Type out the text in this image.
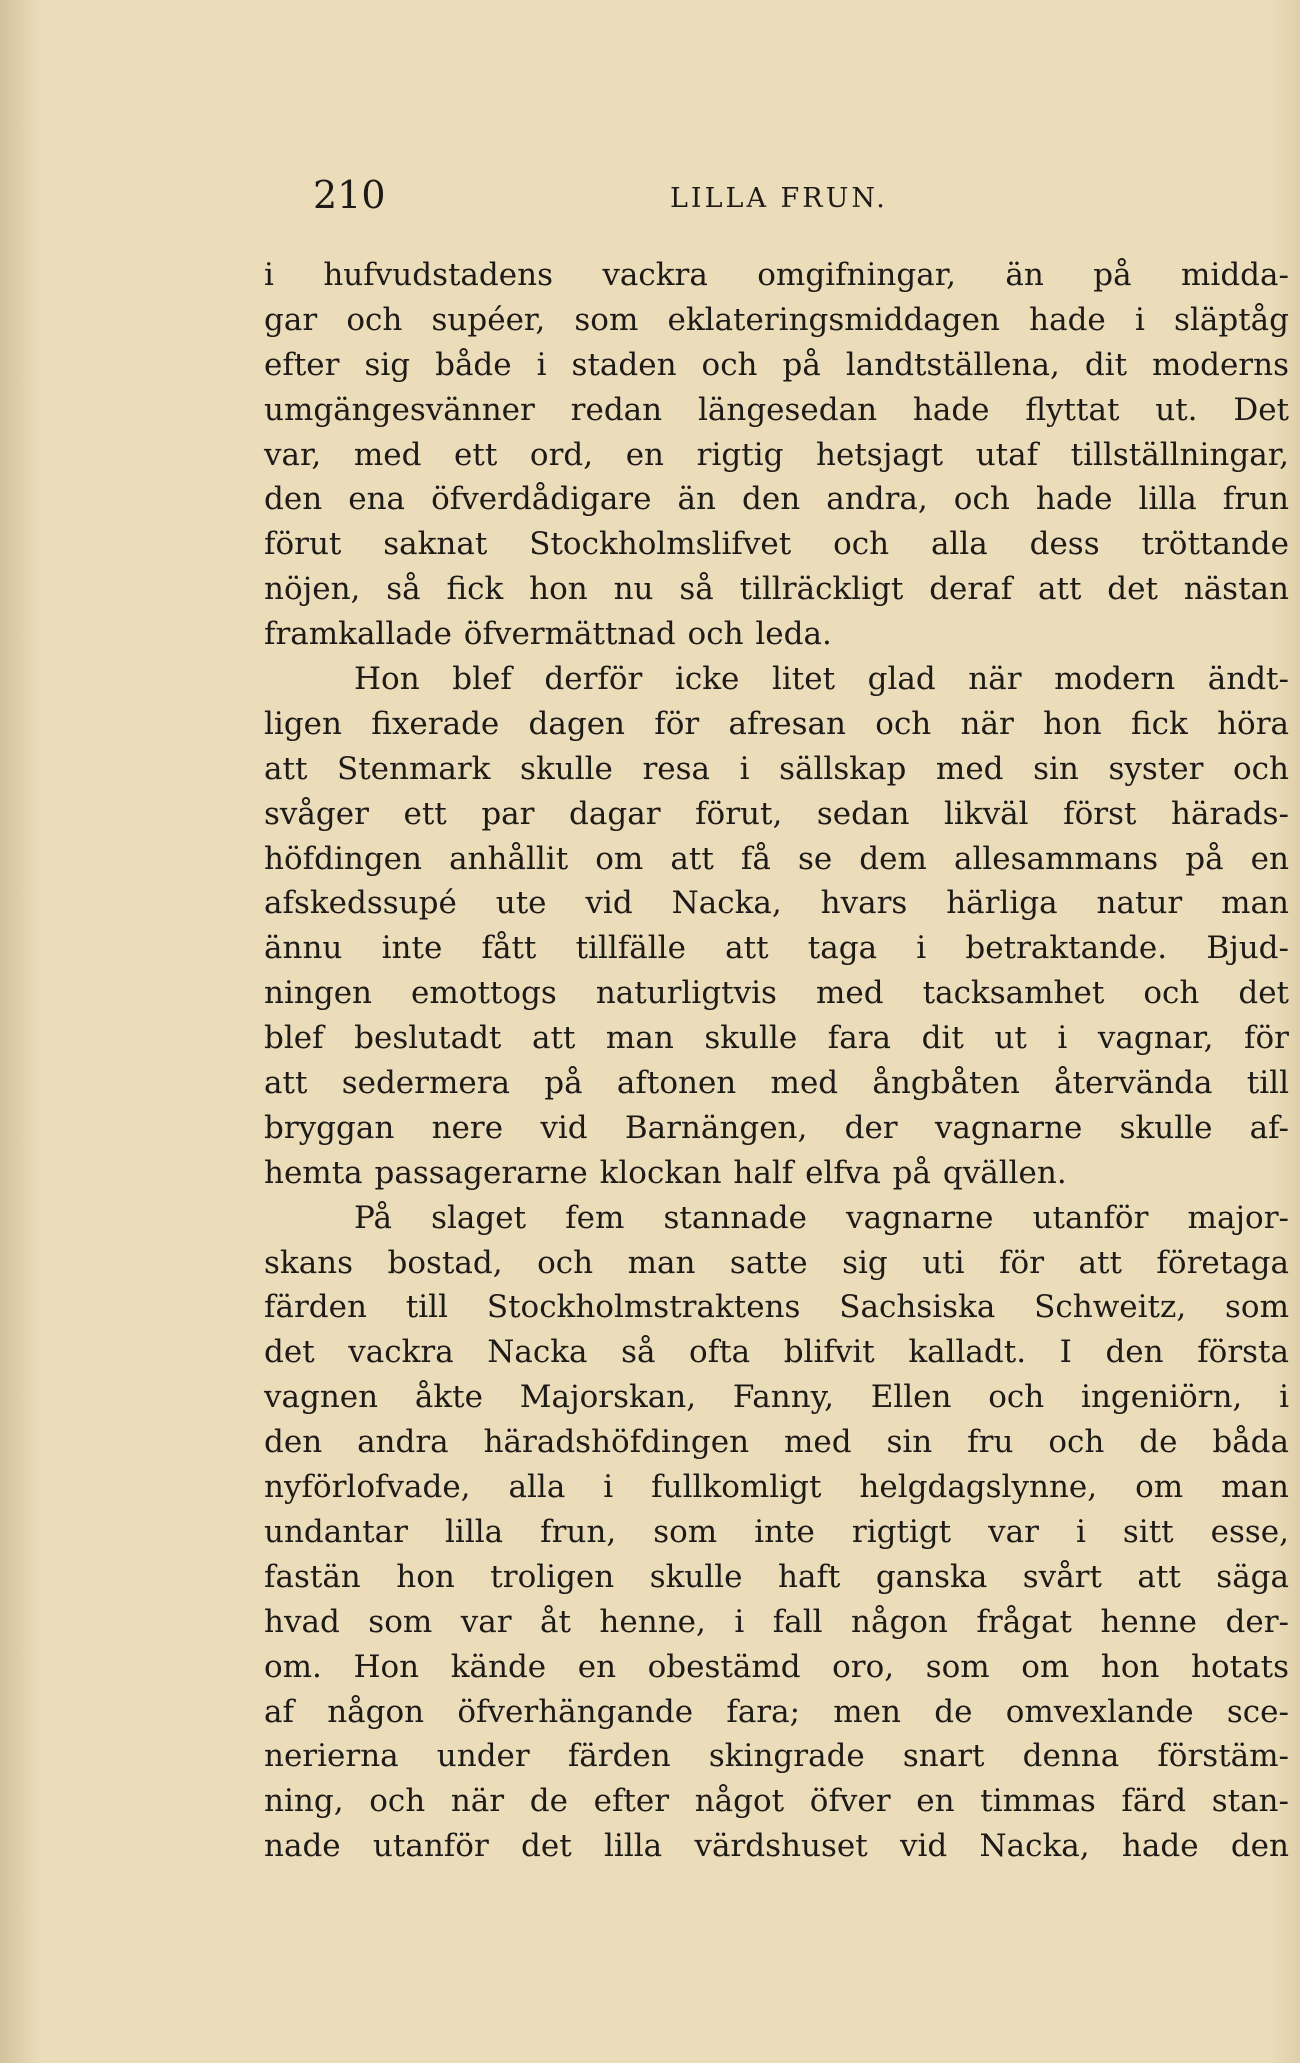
210	LILLA FRUN.
i hufvudstadens vackra omgifningar, än på midda-
gar och supéer, som eklateringsmiddagen hade i släptåg
efter sig både i staden och på landtställena, dit moderns
umgängesvänner redan längesedan hade flyttat ut. Det
var, med ett ord, en rigtig hetsjagt utaf tillställningar,
den ena öfverdådigare än den andra, och hade lilla frun
förut saknat Stockholmslifvet och alla dess tröttande
nöjen, så fick hon nu så tillräckligt deraf att det nästan
framkallade öfvermättnad och leda.
Hon blef derför icke litet glad när modern ändt-
ligen fixerade dagen för afresan och när hon fick höra
att Stenmark skulle resa i sällskap med sin syster och
svåger ett par dagar förut, sedan likväl först härads-
höfdingen anhållit om att få se dem allesammans på en
afskedssupé ute vid Nacka, hvars härliga natur man
ännu inte fått tillfälle att taga i betraktande. Bjud-
ningen emottogs naturligtvis med tacksamhet och det
blef beslutadt att man skulle fara dit ut i vagnar, för
att sedermera på aftonen med ångbåten återvända till
bryggan nere vid Barnängen, der vagnarne skulle af-
hemta passagerarne klockan half elfva på qvällen.
På slaget fem stannade vagnarne utanför major-
skans bostad, och man satte sig uti för att företaga
färden till Stockholmstraktens Sachsiska Schweitz, som
det vackra Nacka så ofta blifvit kalladt. I den första
vagnen åkte Majorskan, Fanny, Ellen och ingeniörn, i
den andra häradshöfdingen med sin fru och de båda
nyförlofvade, alla i fullkomligt helgdagslynne, om man
undantar lilla frun, som inte rigtigt var i sitt esse,
fastän hon troligen skulle haft ganska svårt att säga
hvad som var åt henne, i fall någon frågat henne der-
om. Hon kände en obestämd oro, som om hon hotats
af någon öfverhängande fara; men de omvexlande sce-
nerierna under färden skingrade snart denna förstäm-
ning, och när de efter något öfver en timmas färd stan-
nade utanför det lilla värdshuset vid Nacka, hade den
